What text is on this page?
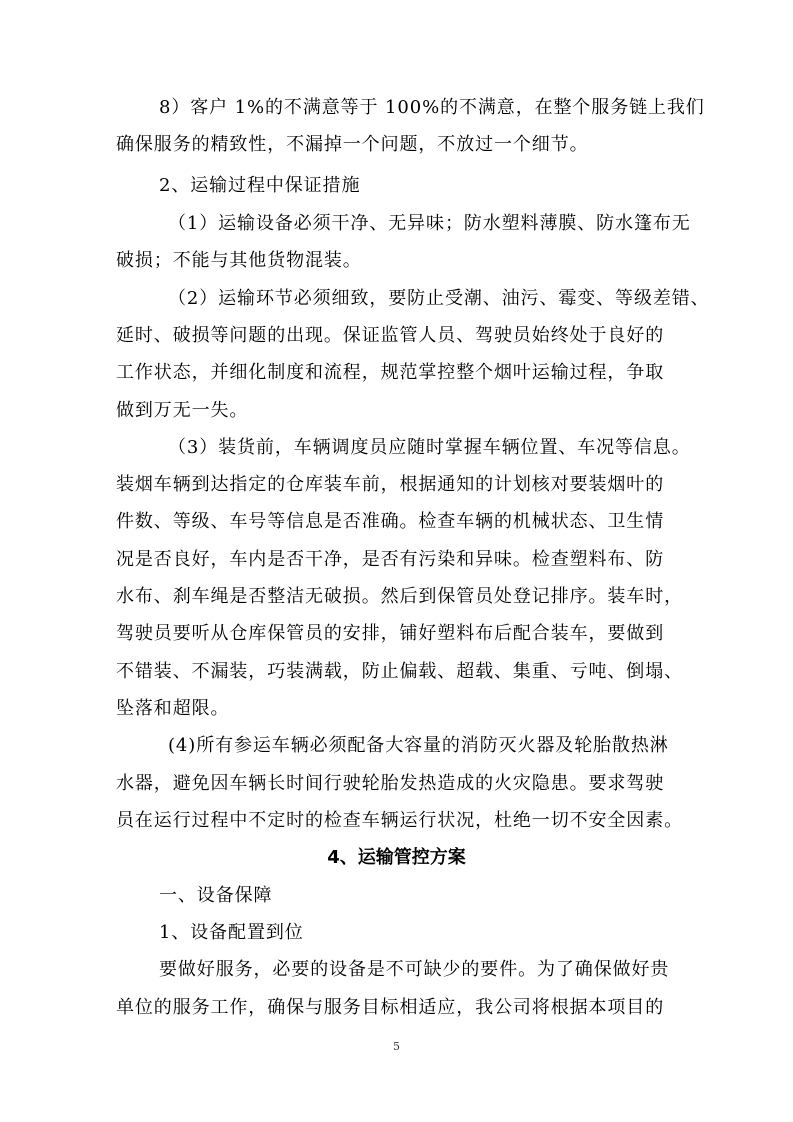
8）客户 1%的不满意等于 100%的不满意，在整个服务链上我们
确保服务的精致性，不漏掉一个问题，不放过一个细节。
2、运输过程中保证措施
（1）运输设备必须干净、无异味；防水塑料薄膜、防水篷布无
破损；不能与其他货物混装。
（2）运输环节必须细致，要防止受潮、油污、霉变、等级差错、
延时、破损等问题的出现。保证监管人员、驾驶员始终处于良好的
工作状态，并细化制度和流程，规范掌控整个烟叶运输过程，争取
做到万无一失。
（3）装货前，车辆调度员应随时掌握车辆位置、车况等信息。
装烟车辆到达指定的仓库装车前，根据通知的计划核对要装烟叶的
件数、等级、车号等信息是否准确。检查车辆的机械状态、卫生情
况是否良好，车内是否干净，是否有污染和异味。检查塑料布、防
水布、刹车绳是否整洁无破损。然后到保管员处登记排序。装车时，
驾驶员要听从仓库保管员的安排，铺好塑料布后配合装车，要做到
不错装、不漏装，巧装满载，防止偏载、超载、集重、亏吨、倒塌、
坠落和超限。
(4)所有参运车辆必须配备大容量的消防灭火器及轮胎散热淋
水器，避免因车辆长时间行驶轮胎发热造成的火灾隐患。要求驾驶
员在运行过程中不定时的检查车辆运行状况，杜绝一切不安全因素。
4、运输管控方案
一、设备保障
1、设备配置到位
要做好服务，必要的设备是不可缺少的要件。为了确保做好贵
单位的服务工作，确保与服务目标相适应，我公司将根据本项目的
5
